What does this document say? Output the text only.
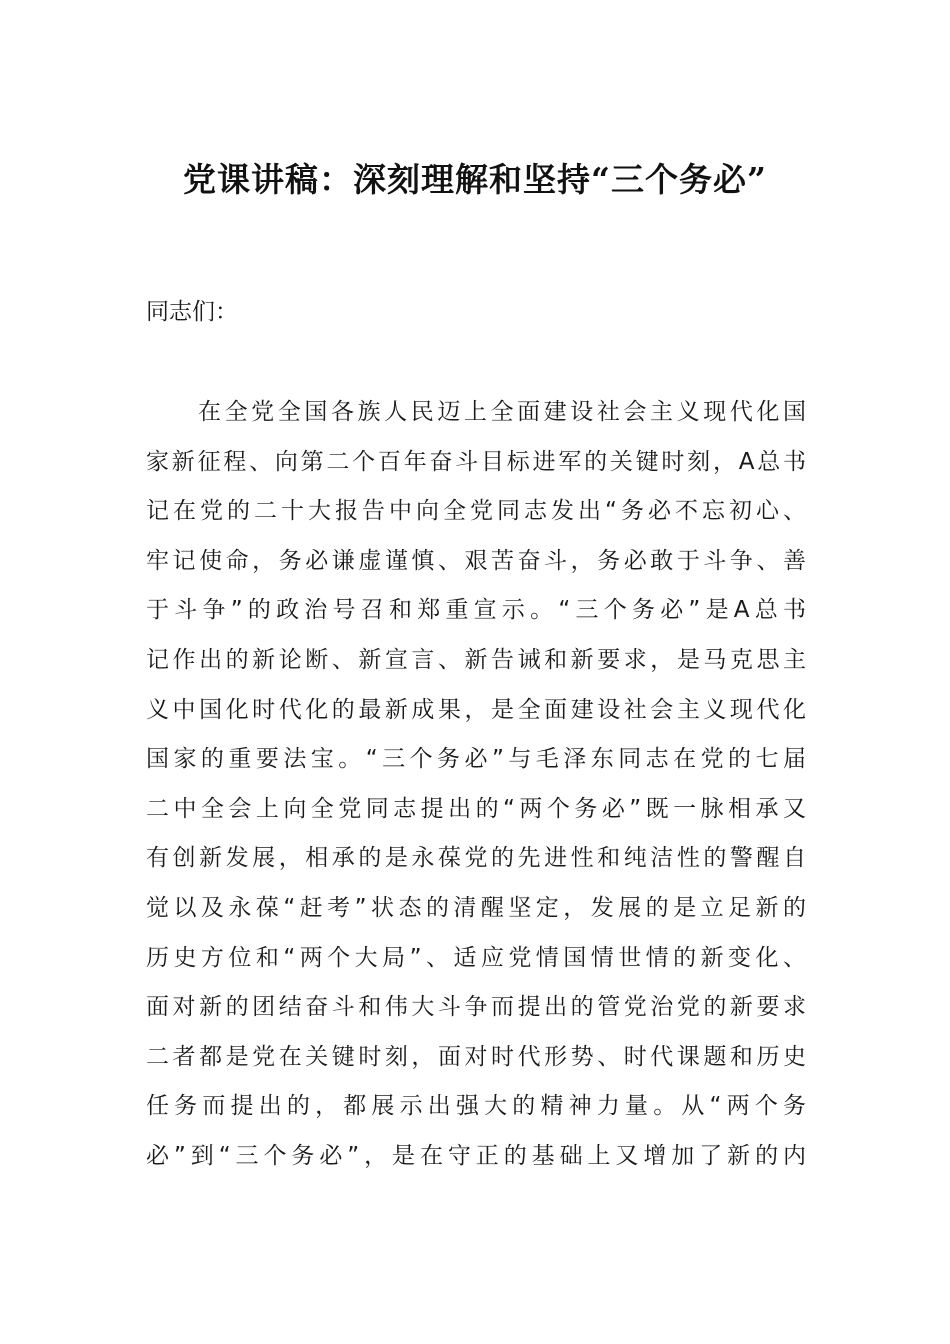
党课讲稿：深刻理解和坚持“三个务必”
同志们：
在全党全国各族人民迈上全面建设社会主义现代化国
家新征程、向第二个百年奋斗目标进军的关键时刻，A总书
记在党的二十大报告中向全党同志发出“务必不忘初心、
牢记使命，务必谦虚谨慎、艰苦奋斗，务必敢于斗争、善
于斗争”的政治号召和郑重宣示。“三个务必”是A总书
记作出的新论断、新宣言、新告诫和新要求，是马克思主
义中国化时代化的最新成果，是全面建设社会主义现代化
国家的重要法宝。“三个务必”与毛泽东同志在党的七届
二中全会上向全党同志提出的“两个务必”既一脉相承又
有创新发展，相承的是永葆党的先进性和纯洁性的警醒自
觉以及永葆“赶考”状态的清醒坚定，发展的是立足新的
历史方位和“两个大局”、适应党情国情世情的新变化、
面对新的团结奋斗和伟大斗争而提出的管党治党的新要求
二者都是党在关键时刻，面对时代形势、时代课题和历史
任务而提出的，都展示出强大的精神力量。从“两个务
必”到“三个务必”，是在守正的基础上又增加了新的内
